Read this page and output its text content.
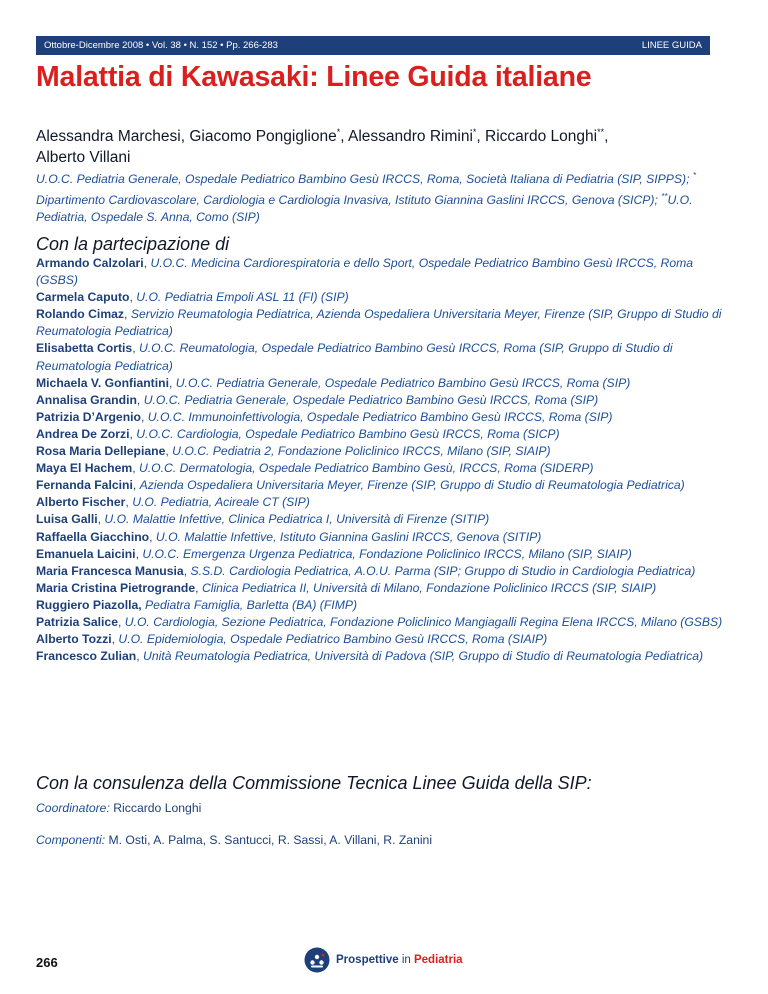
Ottobre-Dicembre 2008 • Vol. 38 • N. 152 • Pp. 266-283	LINEE GUIDA
Malattia di Kawasaki: Linee Guida italiane
Alessandra Marchesi, Giacomo Pongiglione*, Alessandro Rimini*, Riccardo Longhi**,
Alberto Villani
U.O.C. Pediatria Generale, Ospedale Pediatrico Bambino Gesù IRCCS, Roma, Società Italiana di Pediatria (SIP, SIPPS); * Dipartimento Cardiovascolare, Cardiologia e Cardiologia Invasiva, Istituto Giannina Gaslini IRCCS, Genova (SICP); **U.O. Pediatria, Ospedale S. Anna, Como (SIP)
Con la partecipazione di
Armando Calzolari, U.O.C. Medicina Cardiorespiratoria e dello Sport, Ospedale Pediatrico Bambino Gesù IRCCS, Roma (GSBS)
Carmela Caputo, U.O. Pediatria Empoli ASL 11 (FI) (SIP)
Rolando Cimaz, Servizio Reumatologia Pediatrica, Azienda Ospedaliera Universitaria Meyer, Firenze (SIP, Gruppo di Studio di Reumatologia Pediatrica)
Elisabetta Cortis, U.O.C. Reumatologia, Ospedale Pediatrico Bambino Gesù IRCCS, Roma (SIP, Gruppo di Studio di Reumatologia Pediatrica)
Michaela V. Gonfiantini, U.O.C. Pediatria Generale, Ospedale Pediatrico Bambino Gesù IRCCS, Roma (SIP)
Annalisa Grandin, U.O.C. Pediatria Generale, Ospedale Pediatrico Bambino Gesù IRCCS, Roma (SIP)
Patrizia D’Argenio, U.O.C. Immunoinfettivologia, Ospedale Pediatrico Bambino Gesù IRCCS, Roma (SIP)
Andrea De Zorzi, U.O.C. Cardiologia, Ospedale Pediatrico Bambino Gesù IRCCS, Roma (SICP)
Rosa Maria Dellepiane, U.O.C. Pediatria 2, Fondazione Policlinico IRCCS, Milano (SIP, SIAIP)
Maya El Hachem, U.O.C. Dermatologia, Ospedale Pediatrico Bambino Gesù, IRCCS, Roma (SIDERP)
Fernanda Falcini, Azienda Ospedaliera Universitaria Meyer, Firenze (SIP, Gruppo di Studio di Reumatologia Pediatrica)
Alberto Fischer, U.O. Pediatria, Acireale CT (SIP)
Luisa Galli, U.O. Malattie Infettive, Clinica Pediatrica I, Università di Firenze (SITIP)
Raffaella Giacchino, U.O. Malattie Infettive, Istituto Giannina Gaslini IRCCS, Genova (SITIP)
Emanuela Laicini, U.O.C. Emergenza Urgenza Pediatrica, Fondazione Policlinico IRCCS, Milano (SIP, SIAIP)
Maria Francesca Manusia, S.S.D. Cardiologia Pediatrica, A.O.U. Parma (SIP; Gruppo di Studio in Cardiologia Pediatrica)
Maria Cristina Pietrogrande, Clinica Pediatrica II, Università di Milano, Fondazione Policlinico IRCCS (SIP, SIAIP)
Ruggiero Piazolla, Pediatra Famiglia, Barletta (BA) (FIMP)
Patrizia Salice, U.O. Cardiologia, Sezione Pediatrica, Fondazione Policlinico Mangiagalli Regina Elena IRCCS, Milano (GSBS)
Alberto Tozzi, U.O. Epidemiologia, Ospedale Pediatrico Bambino Gesù IRCCS, Roma (SIAIP)
Francesco Zulian, Unità Reumatologia Pediatrica, Università di Padova (SIP, Gruppo di Studio di Reumatologia Pediatrica)
Con la consulenza della Commissione Tecnica Linee Guida della SIP:
Coordinatore: Riccardo Longhi
Componenti: M. Osti, A. Palma, S. Santucci, R. Sassi, A. Villani, R. Zanini
266	Prospettive in Pediatria
